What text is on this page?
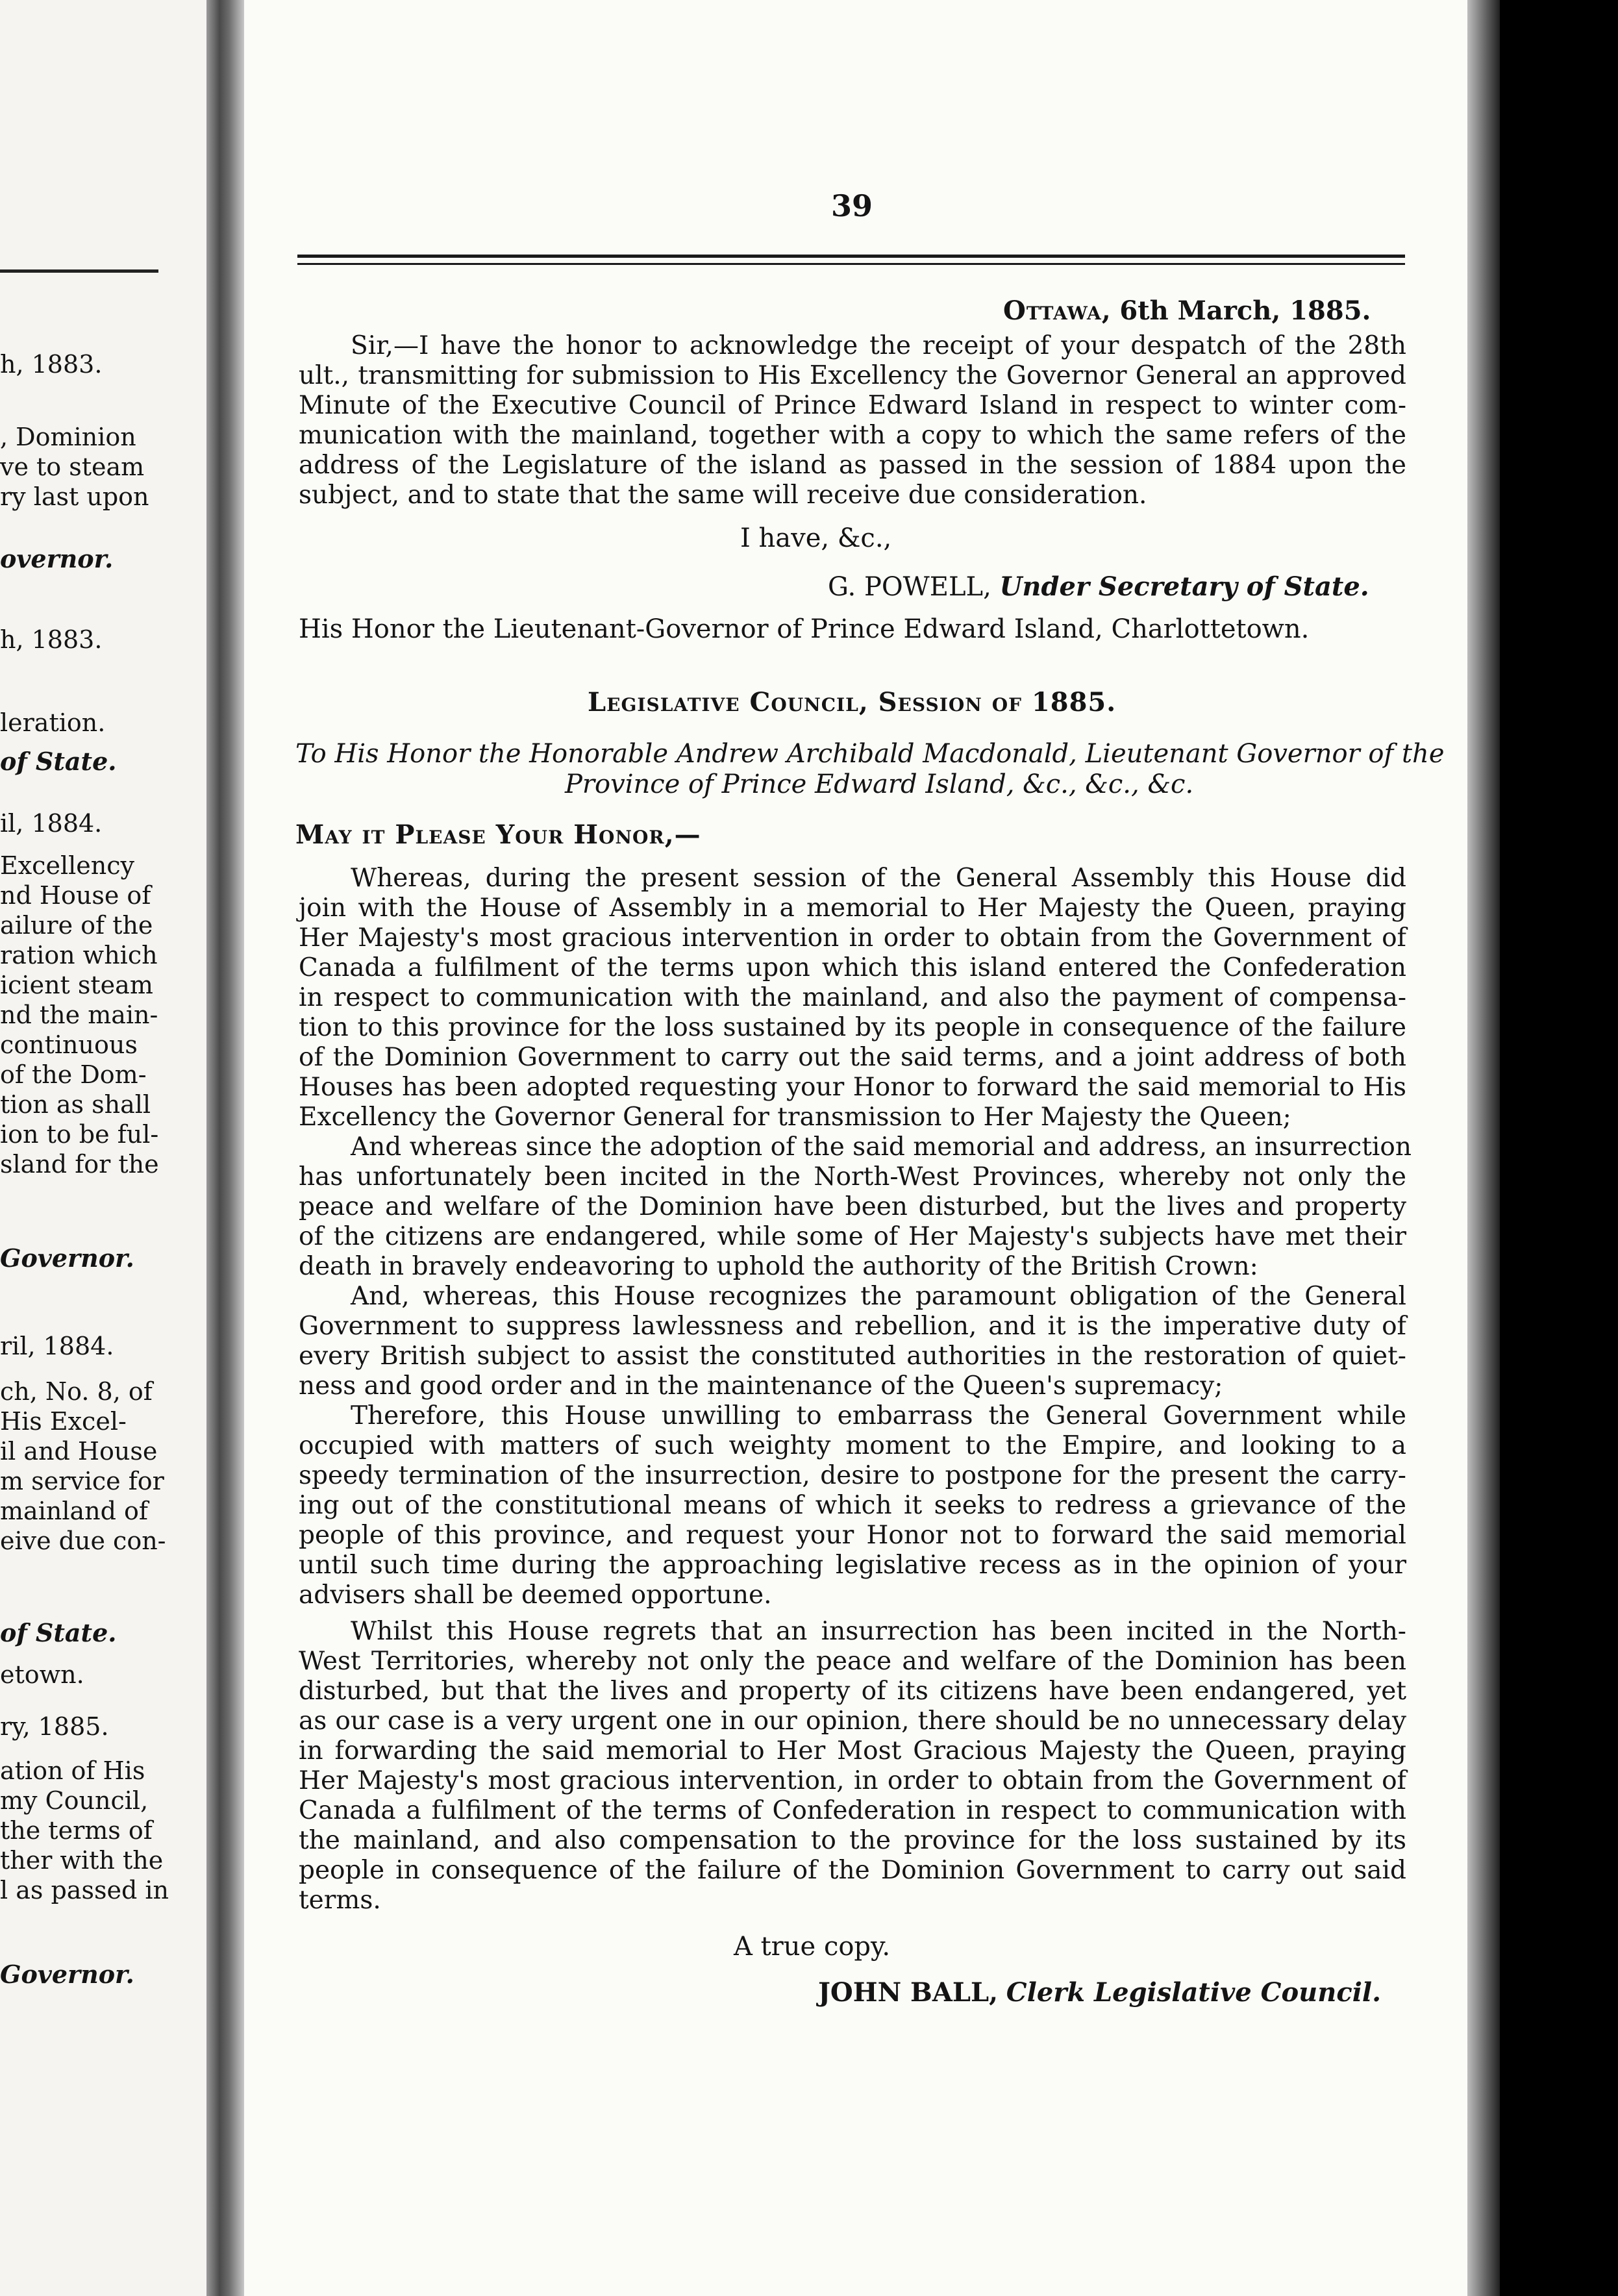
h, 1883.
, Dominion
ve to steam
ry last upon
overnor.
h, 1883.
leration.
of State.
il, 1884.
Excellency
nd House of
ailure of the
ration which
icient steam
nd the main-
continuous
of the Dom-
tion as shall
ion to be ful-
sland for the
Governor.
ril, 1884.
ch, No. 8, of
His Excel-
il and House
m service for
mainland of
eive due con-
of State.
etown.
ry, 1885.
ation of His
my Council,
the terms of
ther with the
l as passed in
Governor.
39
Ottawa, 6th March, 1885.
Sir,—I have the honor to acknowledge the receipt of your despatch of the 28th
ult., transmitting for submission to His Excellency the Governor General an approved
Minute of the Executive Council of Prince Edward Island in respect to winter com-
munication with the mainland, together with a copy to which the same refers of the
address of the Legislature of the island as passed in the session of 1884 upon the
subject, and to state that the same will receive due consideration.
I have, &c.,
G. POWELL, Under Secretary of State.
His Honor the Lieutenant-Governor of Prince Edward Island, Charlottetown.
Legislative Council, Session of 1885.
To His Honor the Honorable Andrew Archibald Macdonald, Lieutenant Governor of the
Province of Prince Edward Island, &c., &c., &c.
May it Please Your Honor,—
Whereas, during the present session of the General Assembly this House did
join with the House of Assembly in a memorial to Her Majesty the Queen, praying
Her Majesty's most gracious intervention in order to obtain from the Government of
Canada a fulfilment of the terms upon which this island entered the Confederation
in respect to communication with the mainland, and also the payment of compensa-
tion to this province for the loss sustained by its people in consequence of the failure
of the Dominion Government to carry out the said terms, and a joint address of both
Houses has been adopted requesting your Honor to forward the said memorial to His
Excellency the Governor General for transmission to Her Majesty the Queen;
And whereas since the adoption of the said memorial and address, an insurrection
has unfortunately been incited in the North-West Provinces, whereby not only the
peace and welfare of the Dominion have been disturbed, but the lives and property
of the citizens are endangered, while some of Her Majesty's subjects have met their
death in bravely endeavoring to uphold the authority of the British Crown:
And, whereas, this House recognizes the paramount obligation of the General
Government to suppress lawlessness and rebellion, and it is the imperative duty of
every British subject to assist the constituted authorities in the restoration of quiet-
ness and good order and in the maintenance of the Queen's supremacy;
Therefore, this House unwilling to embarrass the General Government while
occupied with matters of such weighty moment to the Empire, and looking to a
speedy termination of the insurrection, desire to postpone for the present the carry-
ing out of the constitutional means of which it seeks to redress a grievance of the
people of this province, and request your Honor not to forward the said memorial
until such time during the approaching legislative recess as in the opinion of your
advisers shall be deemed opportune.
Whilst this House regrets that an insurrection has been incited in the North-
West Territories, whereby not only the peace and welfare of the Dominion has been
disturbed, but that the lives and property of its citizens have been endangered, yet
as our case is a very urgent one in our opinion, there should be no unnecessary delay
in forwarding the said memorial to Her Most Gracious Majesty the Queen, praying
Her Majesty's most gracious intervention, in order to obtain from the Government of
Canada a fulfilment of the terms of Confederation in respect to communication with
the mainland, and also compensation to the province for the loss sustained by its
people in consequence of the failure of the Dominion Government to carry out said
terms.
A true copy.
JOHN BALL, Clerk Legislative Council.
